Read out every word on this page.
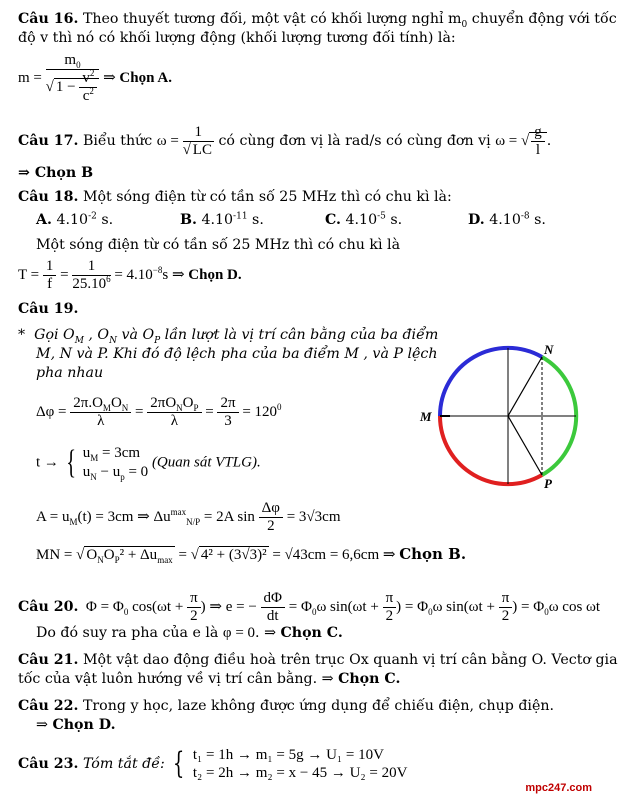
Câu 16. Theo thuyết tương đối, một vật có khối lượng nghỉ $m_0$ chuyển động với tốc
độ v thì nó có khối lượng động (khối lượng tương đối tính) là:
$m = \frac{m_0}{√ 1 - \frac{v^2}{c^2}}$ ⇒ Chọn A.
Câu 17. Biểu thức $\omega = \frac{1}{√ LC}$ có cùng đơn vị là rad/s có cùng đơn vị ω = √ $\frac{g}{l}$ .
⇒ Chọn B
Câu 18. Một sóng điện từ có tần số 25 MHz thì có chu kì là:
A. $4.10^{-2}$ s.	B. $4.10^{-11}$ s.	C. $4.10^{-5}$ s.	D. $4.10^{-8}$ s.
Một sóng điện từ có tần số 25 MHz thì có chu kì là
$T = \frac{1}{f} = \frac{1}{25.10^6} = 4.10^{-8}s$ ⇒ Chọn D.
Câu 19.
* Gọi $O_M$ , $O_N$ và $O_P$ lần lượt là vị trí cân bằng của ba điểm
M, N và P. Khi đó độ lệch pha của ba điểm M , và P lệch
pha nhau
$\Delta\varphi = \frac{2\pi.O_MO_N}{\lambda} = \frac{2\pi O_NO_P}{\lambda} = \frac{2\pi}{3} = 120^0$
t → { $u_M = 3cm$
$u_N - u_p = 0$ (Quan sát VTLG).
$A = u_M(t) = 3cm$ ⇒ $\Delta u^{max}_{N/P} = 2A$ $\sin \frac{\Delta\varphi}{2} = 3√3cm$
MN = √ $O_NO_P^2 + \Delta u_{max}$ = √ 4² + (3√3)² = √43cm = 6,6cm ⇒ Chọn B.
M
N
P
Câu 20. $\Phi = \Phi_0$ $\cos(\omega t + \frac{\pi}{2}$ ) ⇒ e = − $\frac{d\Phi}{dt} = \Phi_0\omega$ $\sin(\omega t + \frac{\pi}{2}$ ) = $\Phi_0\omega$ $\sin(\omega t + \frac{\pi}{2}$ ) = $\Phi_0\omega$ cos ωt
Do đó suy ra pha của e là φ = 0. ⇒ Chọn C.
Câu 21. Một vật dao động điều hoà trên trục Ox quanh vị trí cân bằng O. Vectơ gia
tốc của vật luôn hướng về vị trí cân bằng. ⇒ Chọn C.
Câu 22. Trong y học, laze không được ứng dụng để chiếu điện, chụp điện.
⇒ Chọn D.
Câu 23. Tóm tắt đề: { t₁ = 1h → m₁ = 5g → U₁ = 10V
t₂ = 2h → m₂ = x − 45 → U₂ = 20V
mpc247.com
